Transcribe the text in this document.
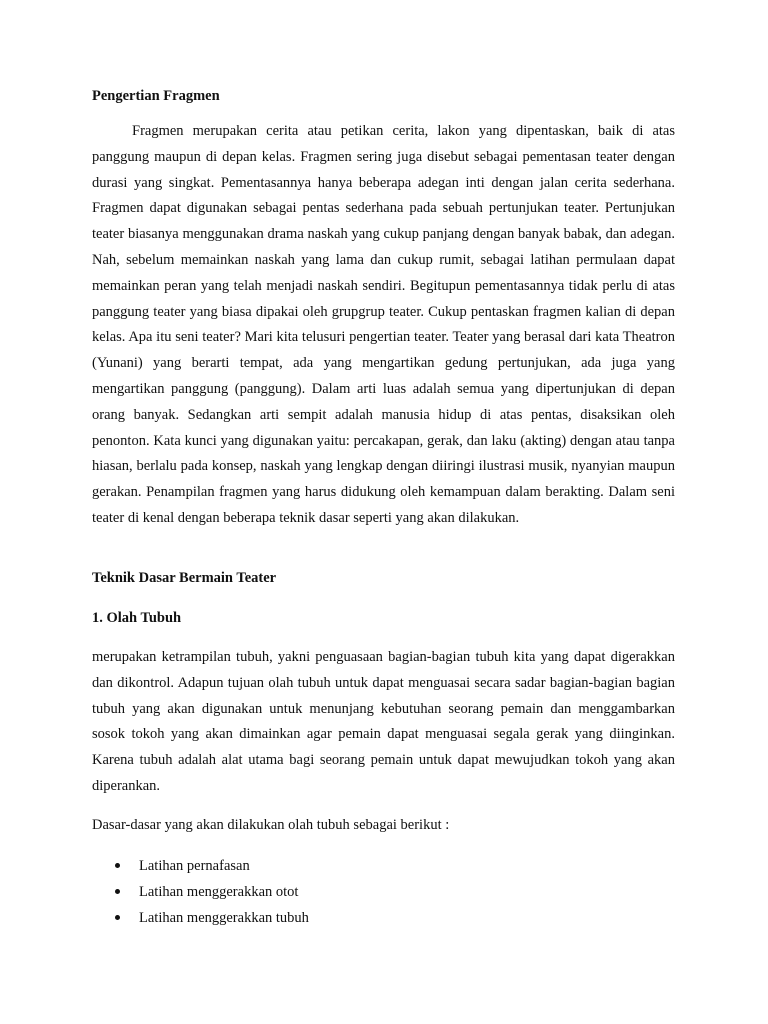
Pengertian Fragmen
Fragmen merupakan cerita atau petikan cerita, lakon yang dipentaskan, baik di atas panggung maupun di depan kelas. Fragmen sering juga disebut sebagai pementasan teater dengan durasi yang singkat. Pementasannya hanya beberapa adegan inti dengan jalan cerita sederhana. Fragmen dapat digunakan sebagai pentas sederhana pada sebuah pertunjukan teater. Pertunjukan teater biasanya menggunakan drama naskah yang cukup panjang dengan banyak babak, dan adegan. Nah, sebelum memainkan naskah yang lama dan cukup rumit, sebagai latihan permulaan dapat memainkan peran yang telah menjadi naskah sendiri. Begitupun pementasannya tidak perlu di atas panggung teater yang biasa dipakai oleh grupgrup teater. Cukup pentaskan fragmen kalian di depan kelas. Apa itu seni teater? Mari kita telusuri pengertian teater. Teater yang berasal dari kata Theatron (Yunani) yang berarti tempat, ada yang mengartikan gedung pertunjukan, ada juga yang mengartikan panggung (panggung). Dalam arti luas adalah semua yang dipertunjukan di depan orang banyak. Sedangkan arti sempit adalah manusia hidup di atas pentas, disaksikan oleh penonton. Kata kunci yang digunakan yaitu: percakapan, gerak, dan laku (akting) dengan atau tanpa hiasan, berlalu pada konsep, naskah yang lengkap dengan diiringi ilustrasi musik, nyanyian maupun gerakan. Penampilan fragmen yang harus didukung oleh kemampuan dalam berakting. Dalam seni teater di kenal dengan beberapa teknik dasar seperti yang akan dilakukan.
Teknik Dasar Bermain Teater
1. Olah Tubuh
merupakan ketrampilan tubuh, yakni penguasaan bagian-bagian tubuh kita yang dapat digerakkan dan dikontrol. Adapun tujuan olah tubuh untuk dapat menguasai secara sadar bagian-bagian bagian tubuh yang akan digunakan untuk menunjang kebutuhan seorang pemain dan menggambarkan sosok tokoh yang akan dimainkan agar pemain dapat menguasai segala gerak yang diinginkan. Karena tubuh adalah alat utama bagi seorang pemain untuk dapat mewujudkan tokoh yang akan diperankan.
Dasar-dasar yang akan dilakukan olah tubuh sebagai berikut :
Latihan pernafasan
Latihan menggerakkan otot
Latihan menggerakkan tubuh
